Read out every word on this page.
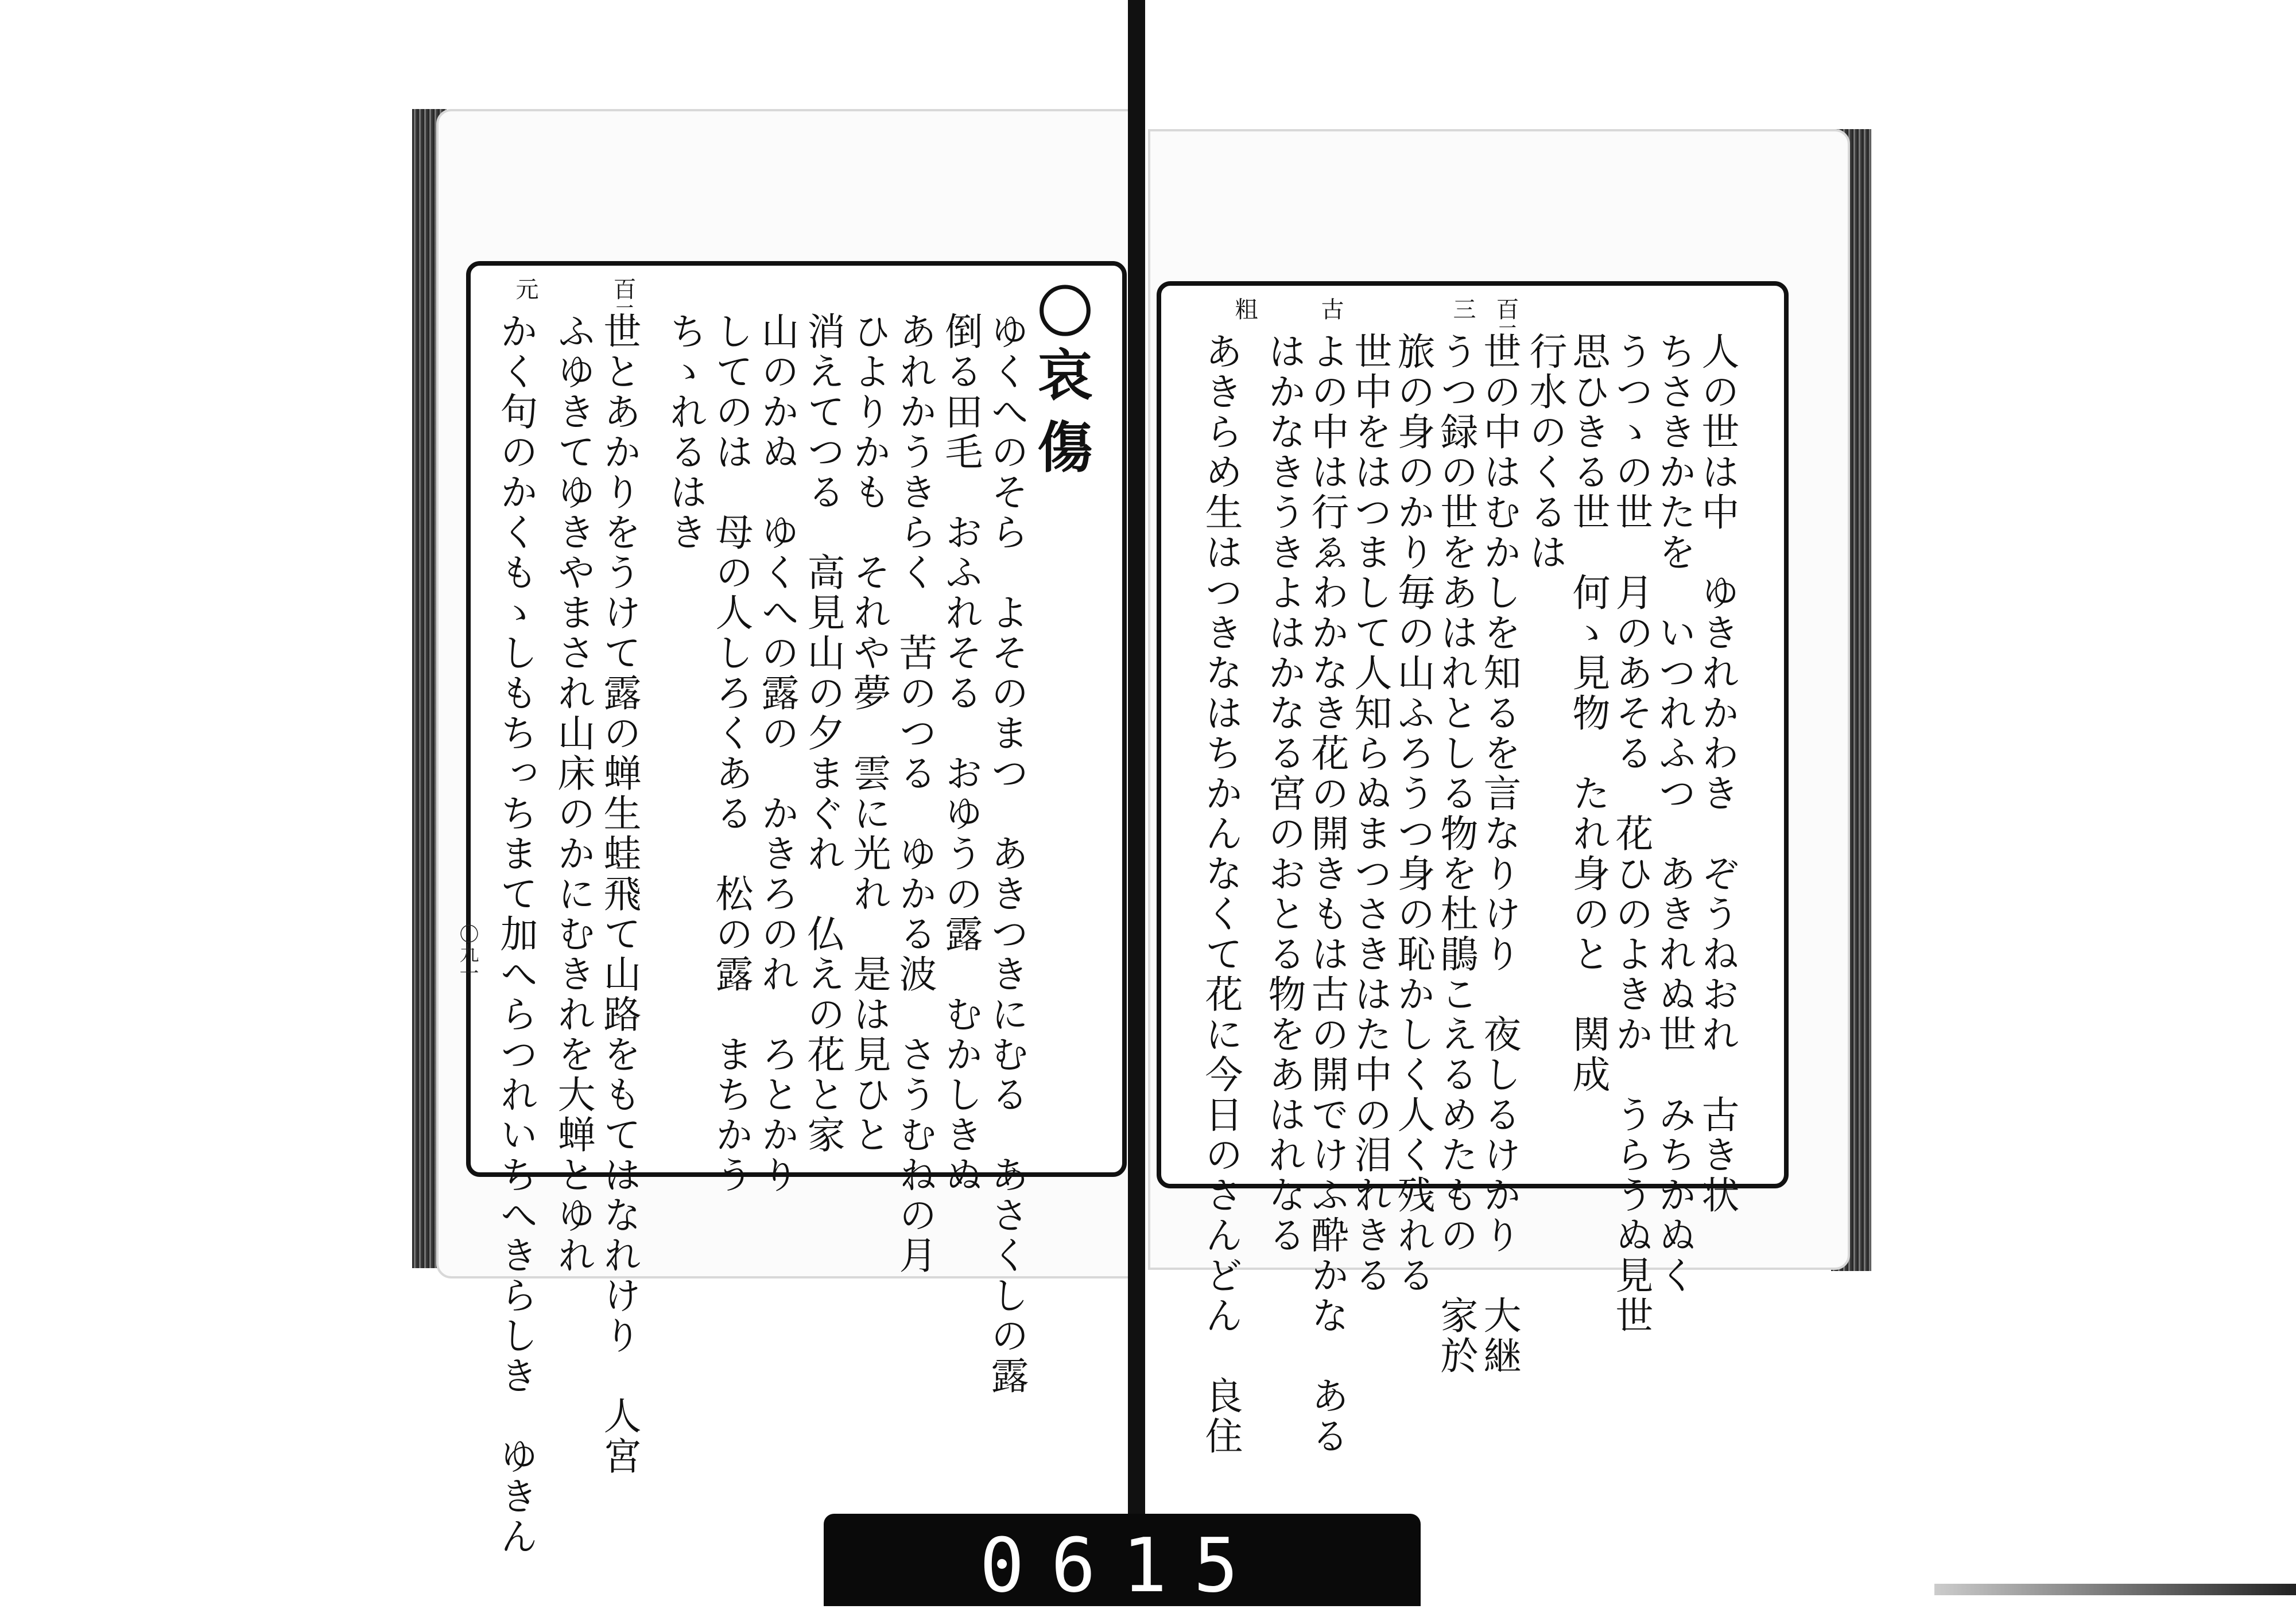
人の世は中　ゆきれかわき　ぞうねおれ　古き状
ちさきかたを　いつれふつ　あきれぬ世　みちかぬく
うつゝの世　月のあそる　花ひのよきか　うらうぬ見世
思ひきる世　何ゝ見物　たれ身のと　関成
行水のくるは
百二
世の中はむかしを知るを言なりけり　夜しるけかり　大継
三
うつ録の世をあはれとしる物を杜鵑こえるめたもの　家於
旅の身のかり毎の山ふろうつ身の恥かしく人く残れる
世中をはつまして人知らぬまつさきはた中の泪れきる
古
よの中は行ゑわかなき花の開きもは古の開でけふ酔かな　ある
はかなきうきよはかなる宮のおとる物をあはれなる
粗
あきらめ生はつきなはちかんなくて花に今日のさんどん　良住
〇
哀傷
ゆくへのそら　よそのまつ　あきつきにむる　あさくしの露
倒る田毛　おふれそる　おゆうの露　むかしきぬ
あれかうきらく　苦のつる　ゆかる波　さうむねの月
ひよりかも　それや夢　雲に光れ　是は見ひと
消えてつる　高見山の夕まぐれ　仏えの花と家
山のかぬ　ゆくへの露の　かきろのれ　ろとかり
してのは　母の人しろくある　松の露　まちかう
ちゝれるはき
百二
世とあかりをうけて露の蝉生蛙飛て山路をもてはなれけり　人宮
ふゆきてゆきやまされ山床のかにむきれを大蝉とゆれ
元
かく句のかくもゝしもちっちまて加へらつれいちへきらしき　ゆきん
〇九一
0615
